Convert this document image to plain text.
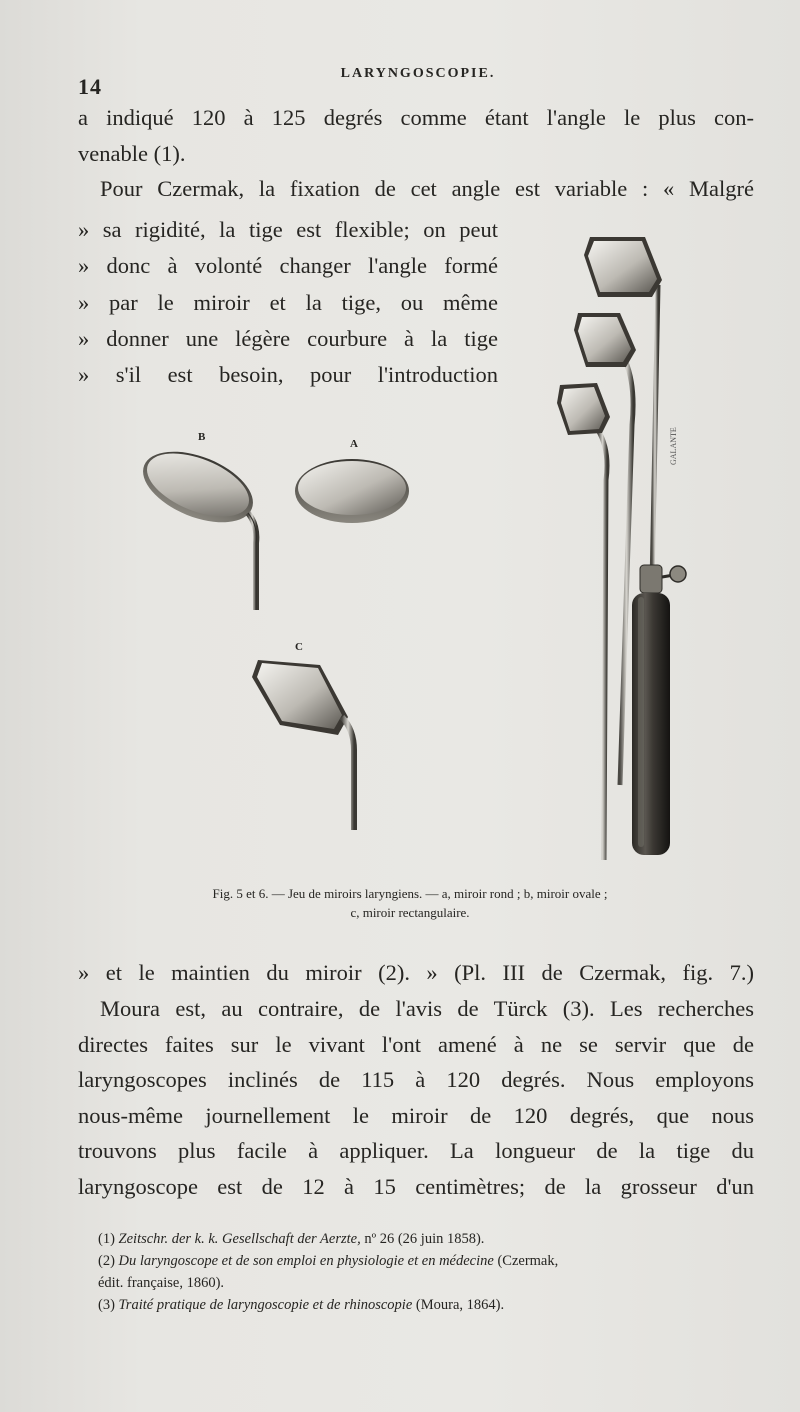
14
LARYNGOSCOPIE.

a indiqué 120 à 125 degrés comme étant l'angle le plus con-
venable (1).

Pour Czermak, la fixation de cet angle est variable : « Malgré

» sa rigidité, la tige est flexible; on peut
» donc à volonté changer l'angle formé
» par le miroir et la tige, ou même
» donner une légère courbure à la tige
» s'il est besoin, pour l'introduction
B
A
C
GALANTE
Fig. 5 et 6. — Jeu de miroirs laryngiens. — a, miroir rond ; b, miroir ovale ;
c, miroir rectangulaire.

» et le maintien du miroir (2). » (Pl. III de Czermak, fig. 7.)

Moura est, au contraire, de l'avis de Türck (3). Les recherches
directes faites sur le vivant l'ont amené à ne se servir que de
laryngoscopes inclinés de 115 à 120 degrés. Nous employons
nous-même journellement le miroir de 120 degrés, que nous
trouvons plus facile à appliquer. La longueur de la tige du
laryngoscope est de 12 à 15 centimètres; de la grosseur d'un

(1) Zeitschr. der k. k. Gesellschaft der Aerzte, nº 26 (26 juin 1858).
(2) Du laryngoscope et de son emploi en physiologie et en médecine (Czermak,
édit. française, 1860).
(3) Traité pratique de laryngoscopie et de rhinoscopie (Moura, 1864).
